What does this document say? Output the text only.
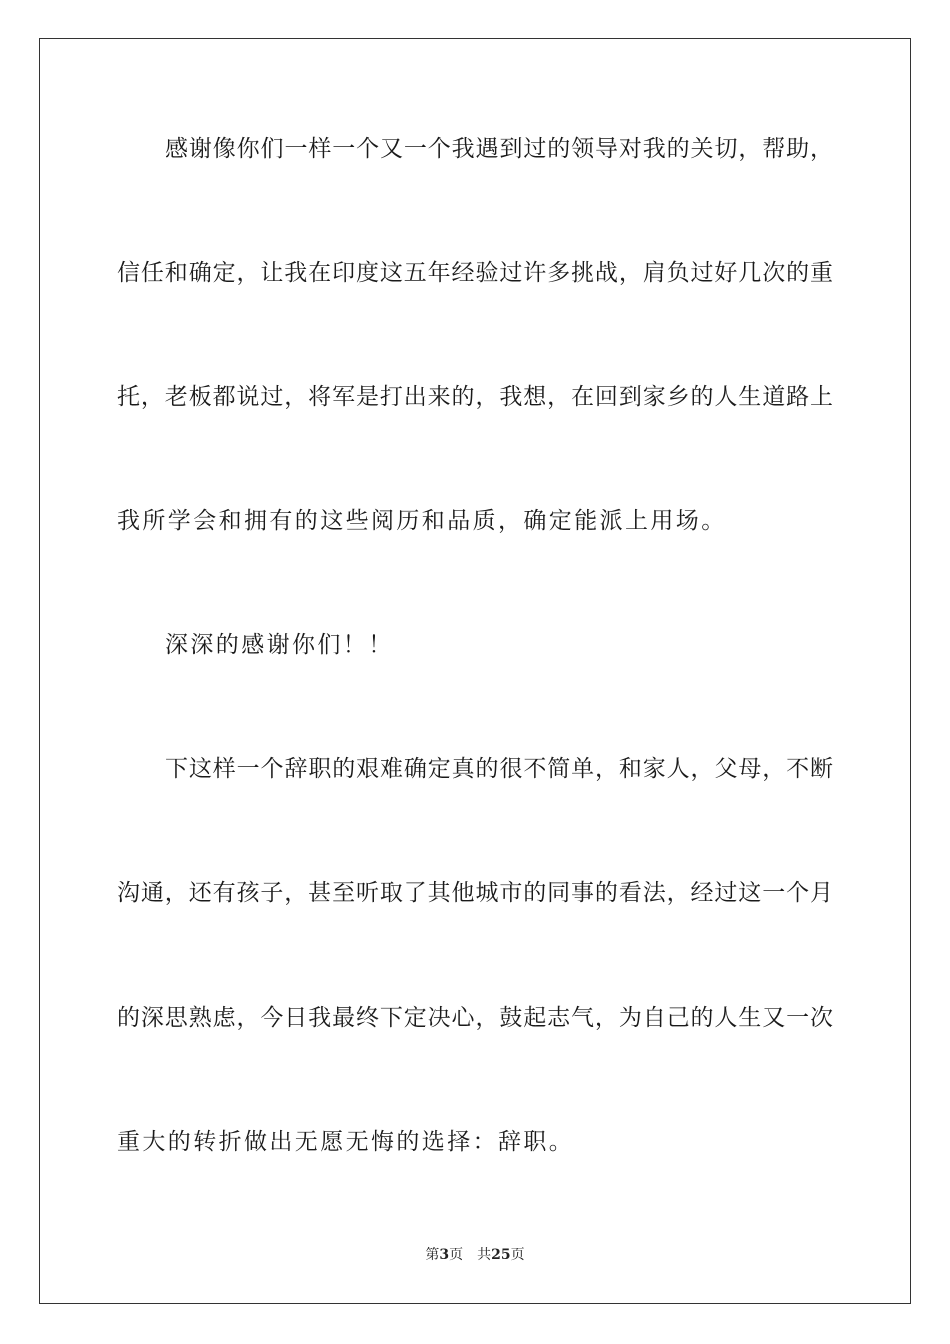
感谢像你们一样一个又一个我遇到过的领导对我的关切，帮助，
信任和确定，让我在印度这五年经验过许多挑战，肩负过好几次的重
托，老板都说过，将军是打出来的，我想，在回到家乡的人生道路上
我所学会和拥有的这些阅历和品质，确定能派上用场。
深深的感谢你们！！
下这样一个辞职的艰难确定真的很不简单，和家人，父母，不断
沟通，还有孩子，甚至听取了其他城市的同事的看法，经过这一个月
的深思熟虑，今日我最终下定决心，鼓起志气，为自己的人生又一次
重大的转折做出无愿无悔的选择：辞职。
第3页 共25页
